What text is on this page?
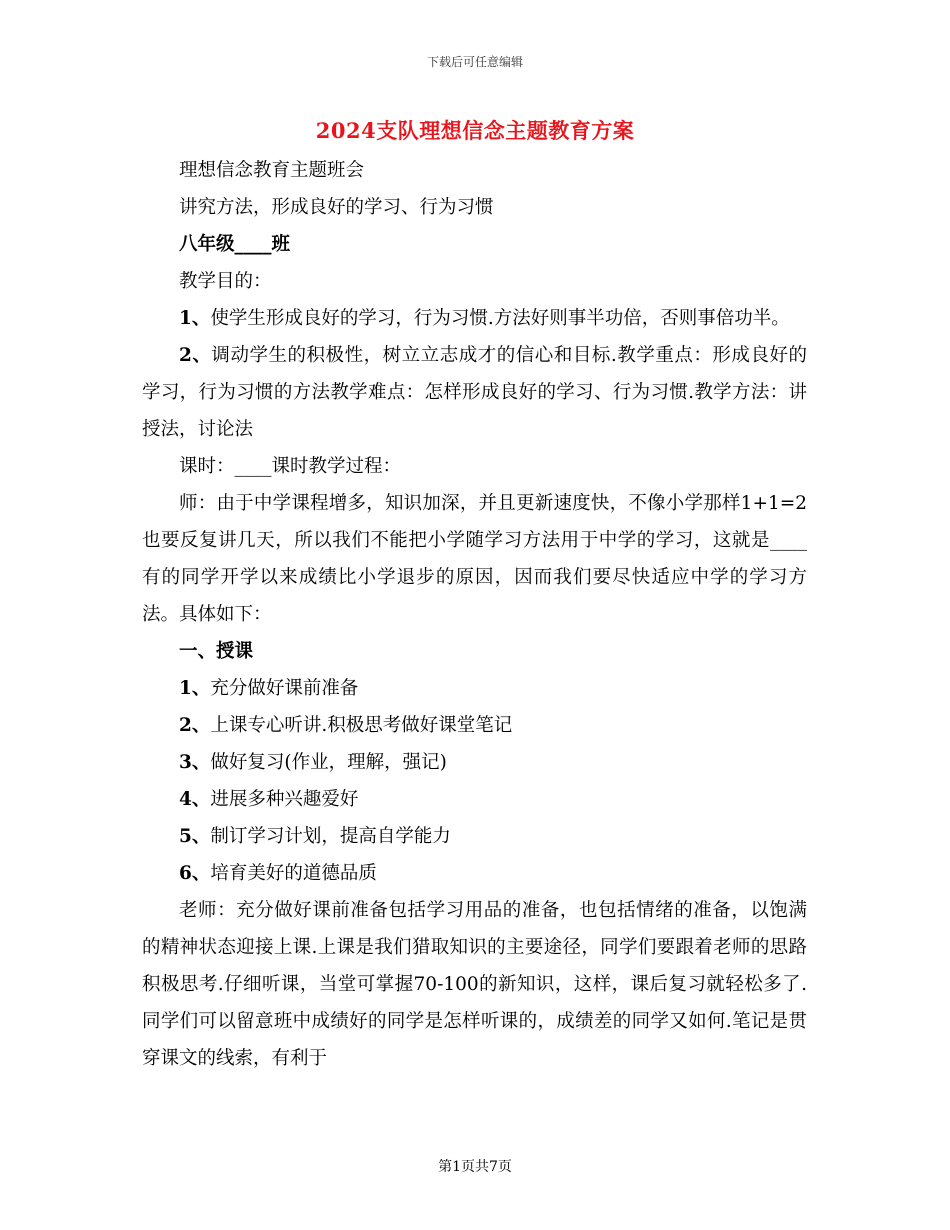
下载后可任意编辑
2024支队理想信念主题教育方案

理想信念教育主题班会

讲究方法，形成良好的学习、行为习惯

八年级____班

教学目的：

1、使学生形成良好的学习，行为习惯.方法好则事半功倍，否则事倍功半。

2、调动学生的积极性，树立立志成才的信心和目标.教学重点：形成良好的学习，行为习惯的方法教学难点：怎样形成良好的学习、行为习惯.教学方法：讲授法，讨论法

课时：____课时教学过程：

师：由于中学课程增多，知识加深，并且更新速度快，不像小学那样1+1=2也要反复讲几天，所以我们不能把小学随学习方法用于中学的学习，这就是____有的同学开学以来成绩比小学退步的原因，因而我们要尽快适应中学的学习方法。具体如下：

一、授课

1、充分做好课前准备

2、上课专心听讲.积极思考做好课堂笔记

3、做好复习(作业，理解，强记)

4、进展多种兴趣爱好

5、制订学习计划，提高自学能力

6、培育美好的道德品质

老师：充分做好课前准备包括学习用品的准备，也包括情绪的准备，以饱满的精神状态迎接上课.上课是我们猎取知识的主要途径，同学们要跟着老师的思路积极思考.仔细听课，当堂可掌握70-100的新知识，这样，课后复习就轻松多了.同学们可以留意班中成绩好的同学是怎样听课的，成绩差的同学又如何.笔记是贯穿课文的线索，有利于

第1页共7页
